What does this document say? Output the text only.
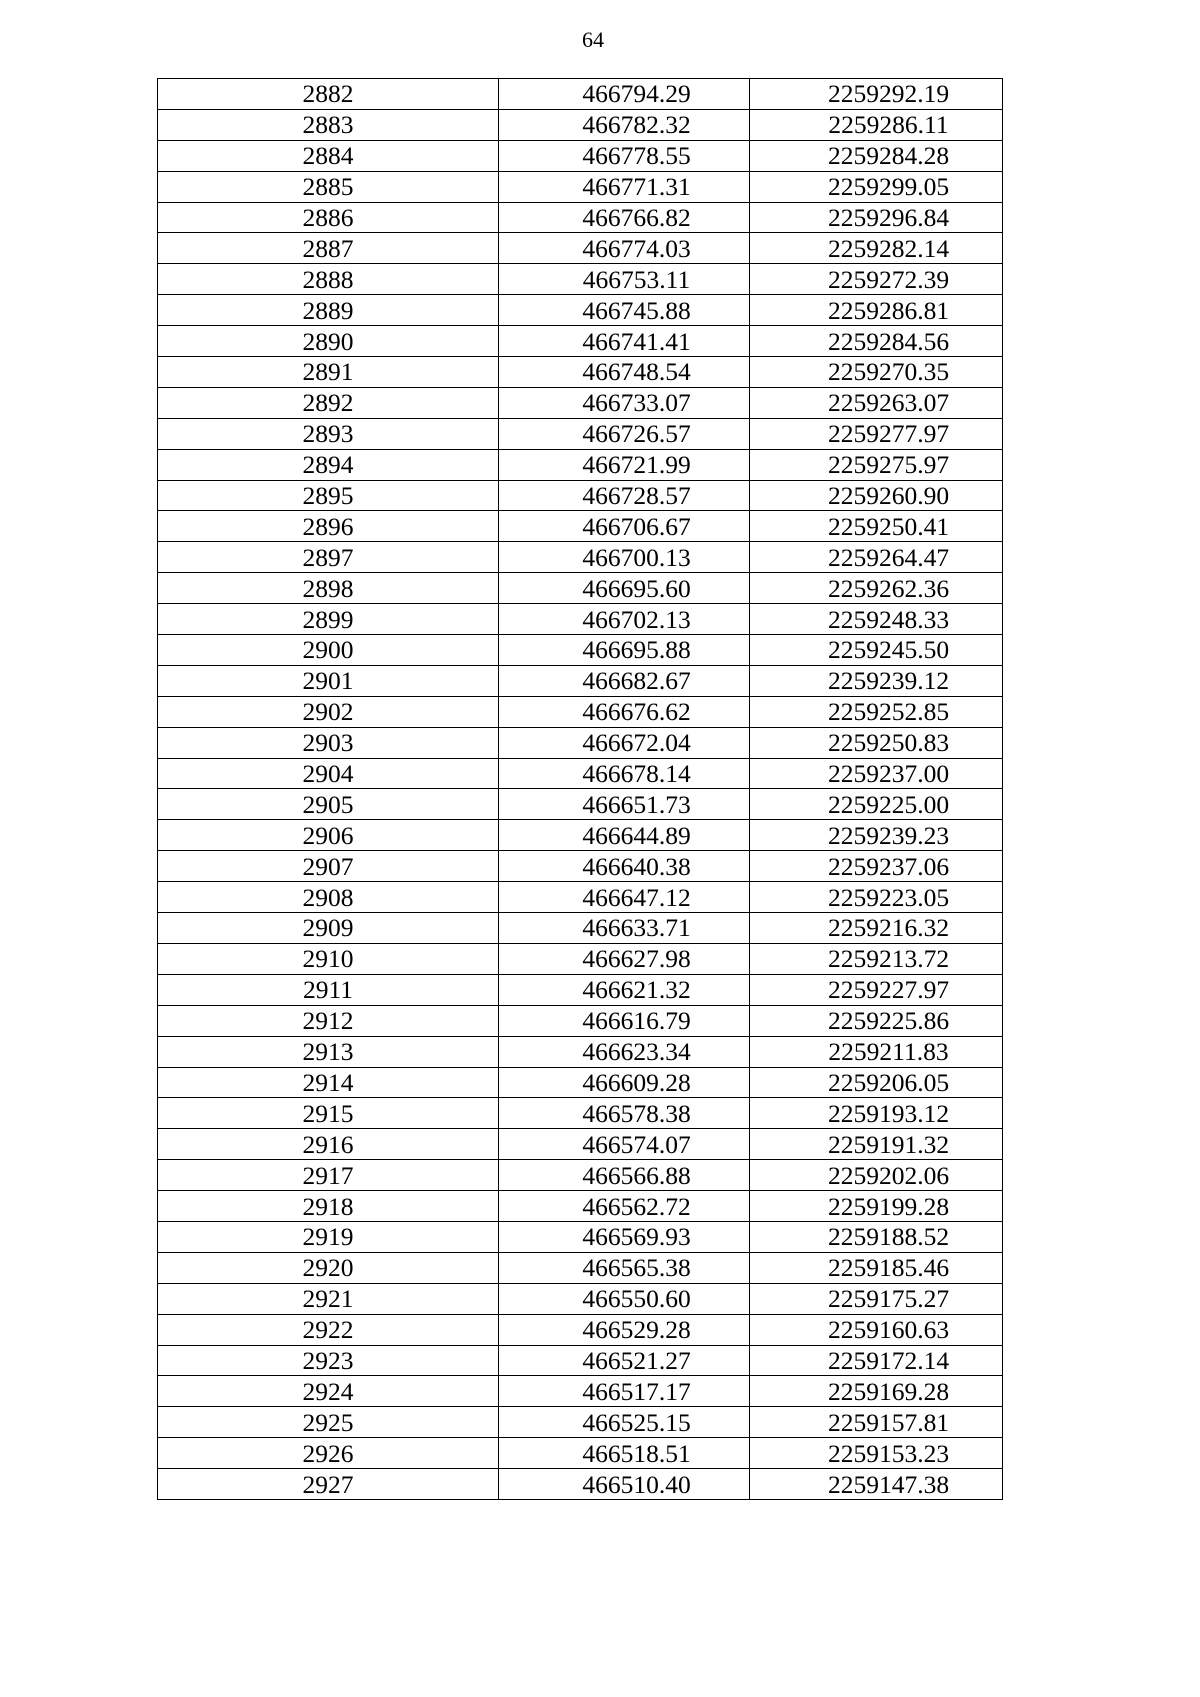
64
2882	466794.29	2259292.19
2883	466782.32	2259286.11
2884	466778.55	2259284.28
2885	466771.31	2259299.05
2886	466766.82	2259296.84
2887	466774.03	2259282.14
2888	466753.11	2259272.39
2889	466745.88	2259286.81
2890	466741.41	2259284.56
2891	466748.54	2259270.35
2892	466733.07	2259263.07
2893	466726.57	2259277.97
2894	466721.99	2259275.97
2895	466728.57	2259260.90
2896	466706.67	2259250.41
2897	466700.13	2259264.47
2898	466695.60	2259262.36
2899	466702.13	2259248.33
2900	466695.88	2259245.50
2901	466682.67	2259239.12
2902	466676.62	2259252.85
2903	466672.04	2259250.83
2904	466678.14	2259237.00
2905	466651.73	2259225.00
2906	466644.89	2259239.23
2907	466640.38	2259237.06
2908	466647.12	2259223.05
2909	466633.71	2259216.32
2910	466627.98	2259213.72
2911	466621.32	2259227.97
2912	466616.79	2259225.86
2913	466623.34	2259211.83
2914	466609.28	2259206.05
2915	466578.38	2259193.12
2916	466574.07	2259191.32
2917	466566.88	2259202.06
2918	466562.72	2259199.28
2919	466569.93	2259188.52
2920	466565.38	2259185.46
2921	466550.60	2259175.27
2922	466529.28	2259160.63
2923	466521.27	2259172.14
2924	466517.17	2259169.28
2925	466525.15	2259157.81
2926	466518.51	2259153.23
2927	466510.40	2259147.38
